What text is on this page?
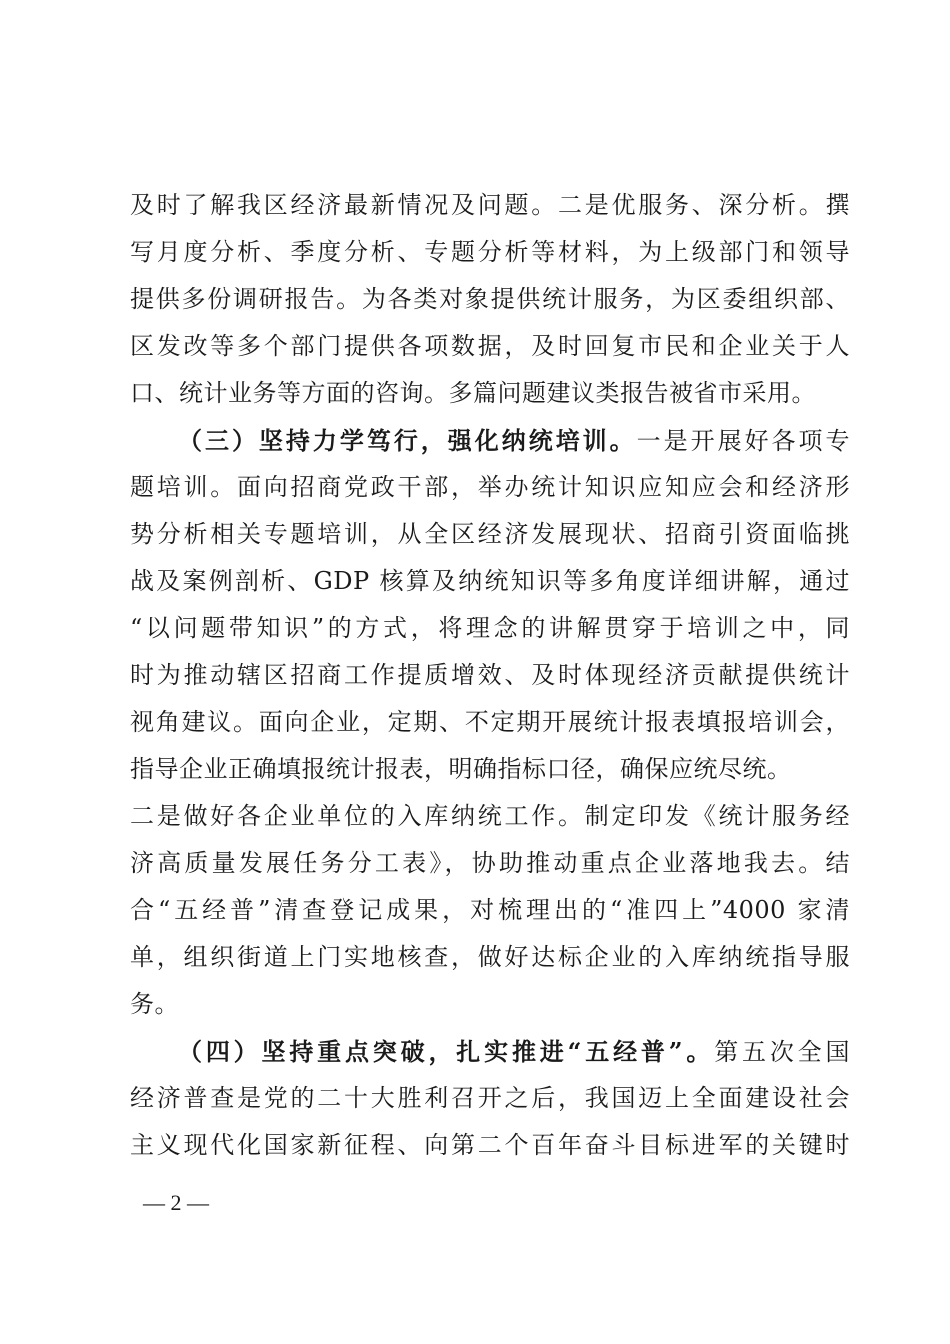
及时了解我区经济最新情况及问题。二是优服务、深分析。撰
写月度分析、季度分析、专题分析等材料，为上级部门和领导
提供多份调研报告。为各类对象提供统计服务，为区委组织部、
区发改等多个部门提供各项数据，及时回复市民和企业关于人
口、统计业务等方面的咨询。多篇问题建议类报告被省市采用。
（三）坚持力学笃行，强化纳统培训。一是开展好各项专
题培训。面向招商党政干部，举办统计知识应知应会和经济形
势分析相关专题培训，从全区经济发展现状、招商引资面临挑
战及案例剖析、GDP 核算及纳统知识等多角度详细讲解，通过
“以问题带知识”的方式，将理念的讲解贯穿于培训之中，同
时为推动辖区招商工作提质增效、及时体现经济贡献提供统计
视角建议。面向企业，定期、不定期开展统计报表填报培训会，
指导企业正确填报统计报表，明确指标口径，确保应统尽统。
二是做好各企业单位的入库纳统工作。制定印发《统计服务经
济高质量发展任务分工表》，协助推动重点企业落地我去。结
合“五经普”清查登记成果，对梳理出的“准四上”4000 家清
单，组织街道上门实地核查，做好达标企业的入库纳统指导服
务。
（四）坚持重点突破，扎实推进“五经普”。第五次全国
经济普查是党的二十大胜利召开之后，我国迈上全面建设社会
主义现代化国家新征程、向第二个百年奋斗目标进军的关键时
— 2 —
